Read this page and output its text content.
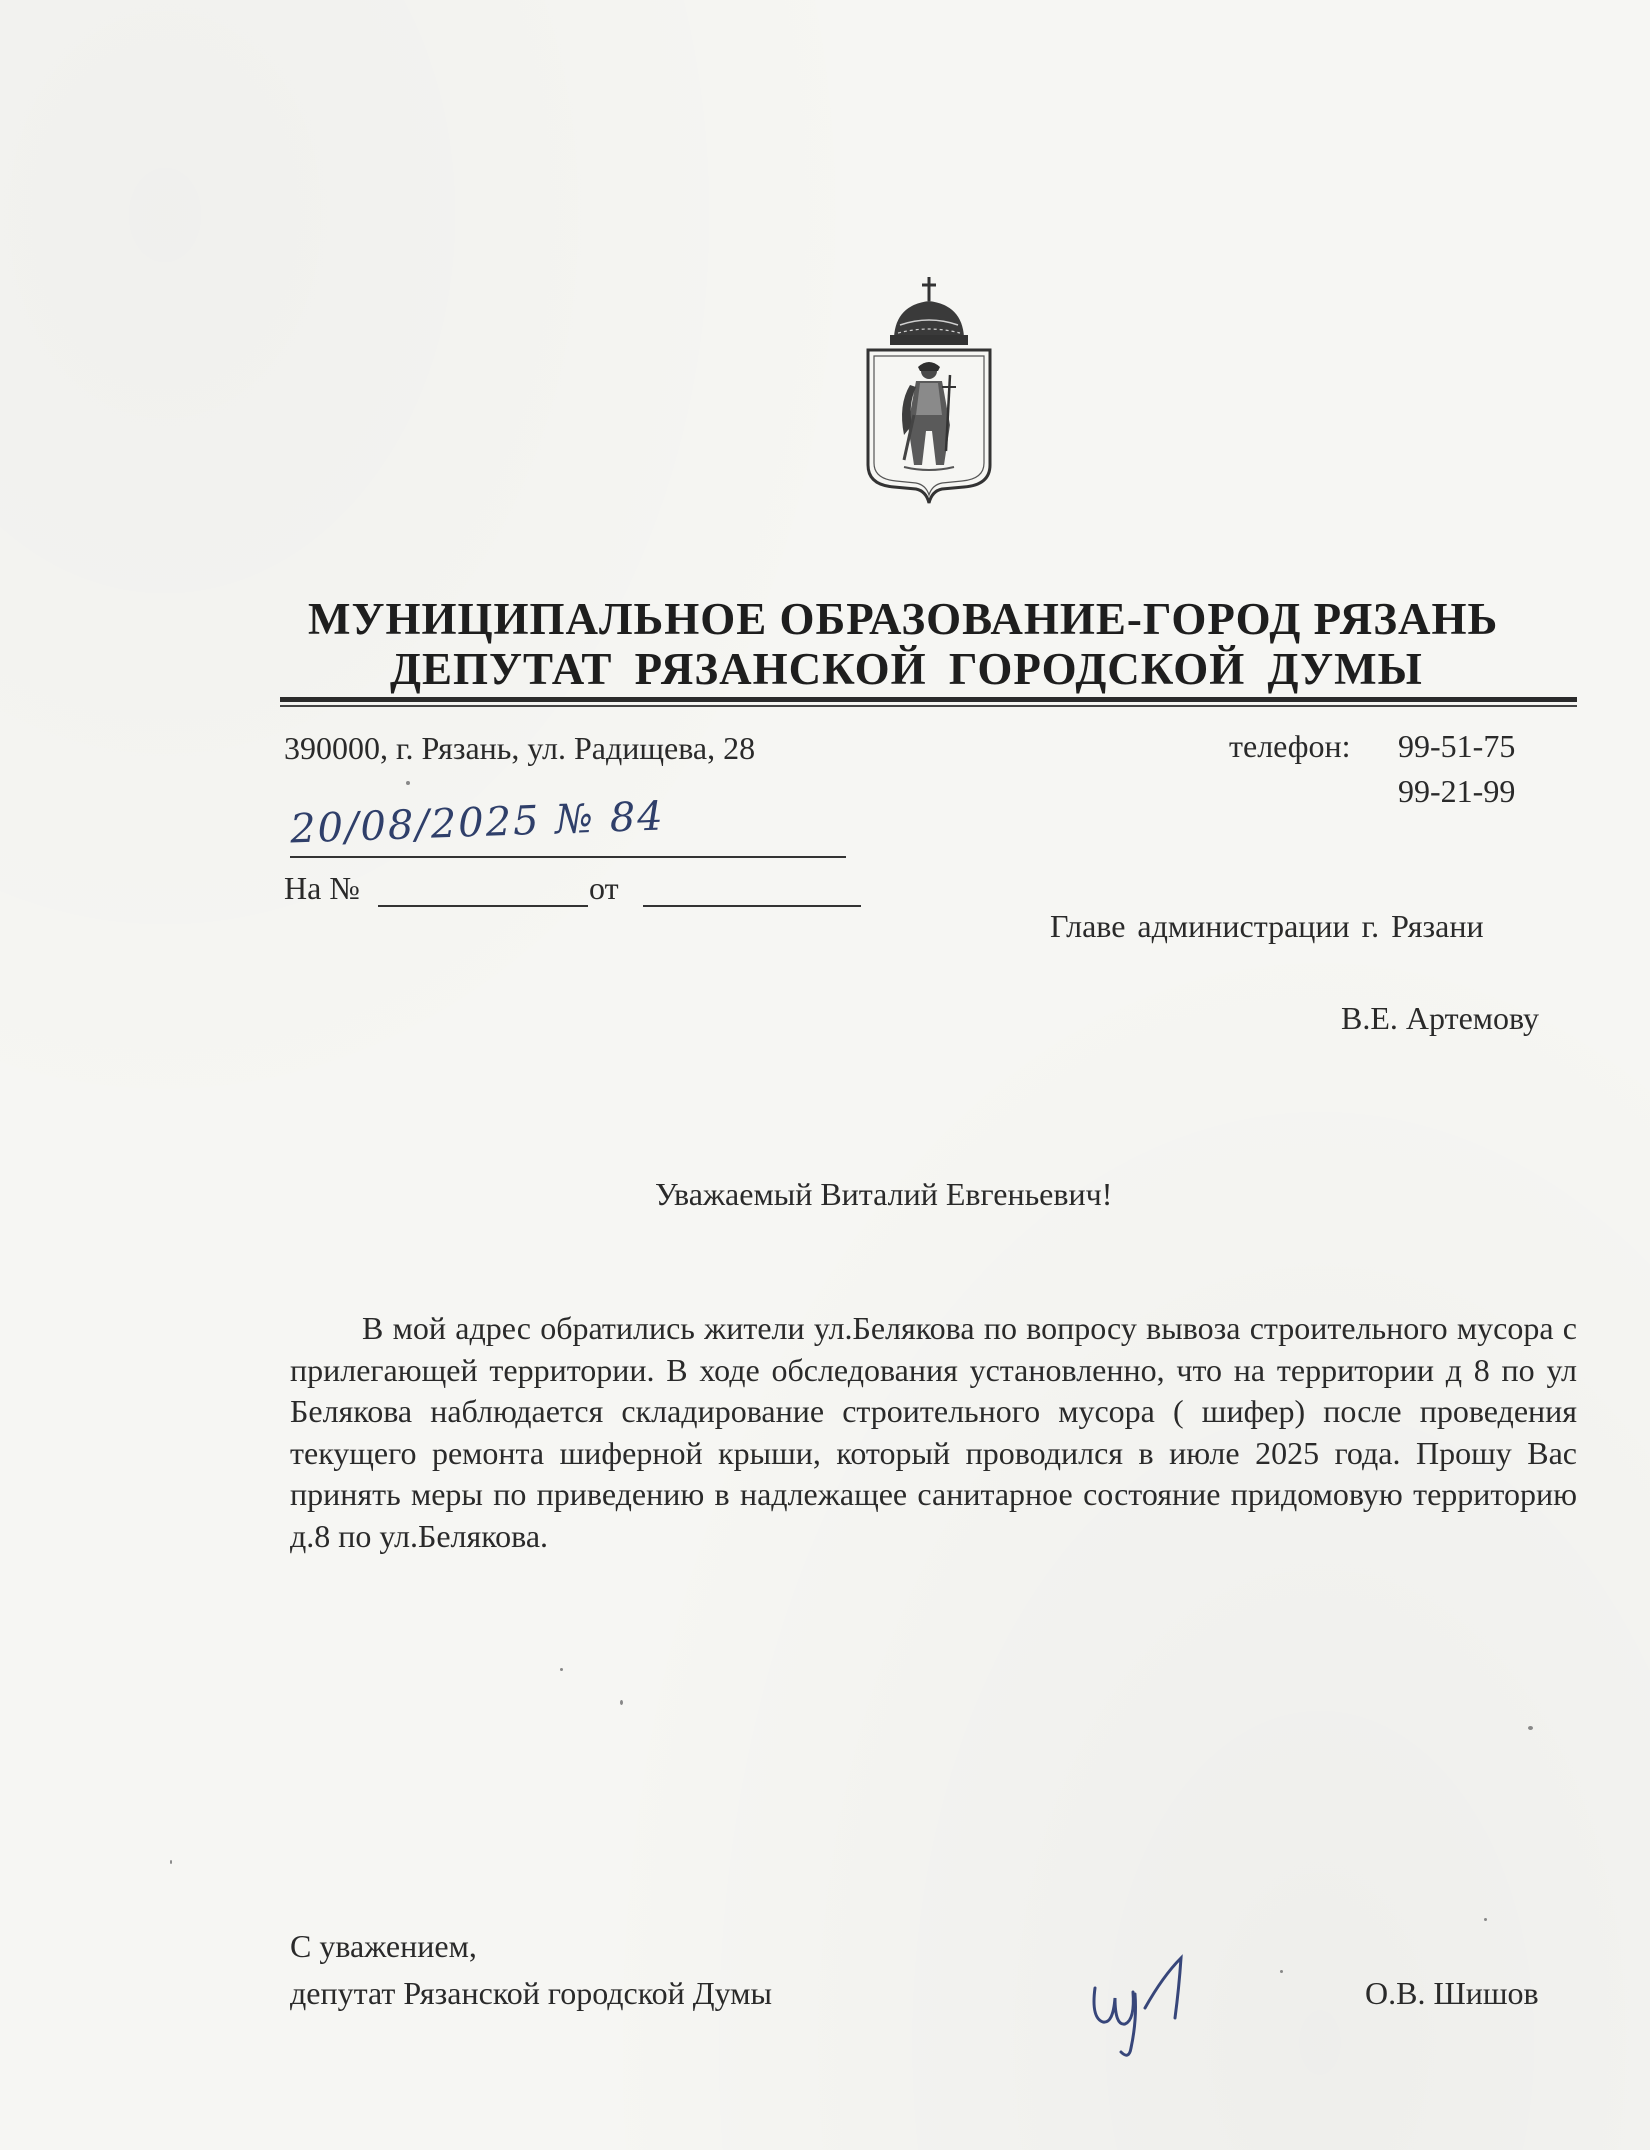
МУНИЦИПАЛЬНОЕ ОБРАЗОВАНИЕ-ГОРОД РЯЗАНЬ
ДЕПУТАТ РЯЗАНСКОЙ ГОРОДСКОЙ ДУМЫ
390000, г. Рязань, ул. Радищева, 28	телефон: 99-51-75
99-21-99
20/08/2025 № 84
На №	от
Главе администрации г. Рязани
В.Е. Артемову
Уважаемый Виталий Евгеньевич!
В мой адрес обратились жители ул.Белякова по вопросу вывоза строительного мусора с прилегающей территории. В ходе обследования установленно, что на территории д 8 по ул Белякова наблюдается складирование строительного мусора ( шифер) после проведения текущего ремонта шиферной крыши, который проводился в июле 2025 года. Прошу Вас принять меры по приведению в надлежащее санитарное состояние придомовую территорию д.8 по ул.Белякова.
С уважением,
депутат Рязанской городской Думы	О.В. Шишов
